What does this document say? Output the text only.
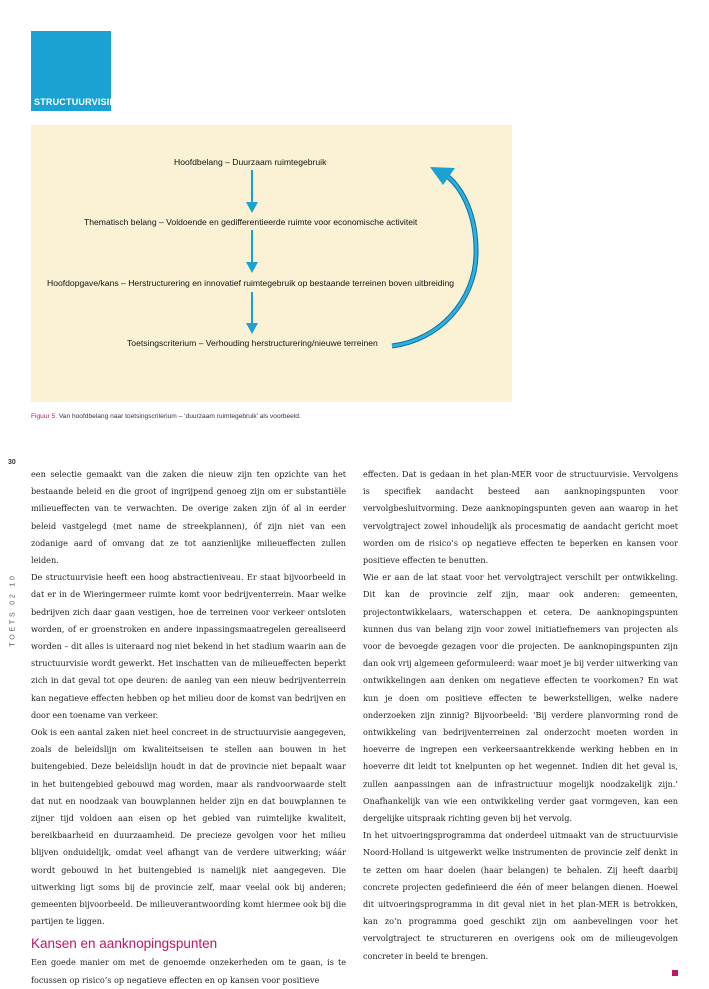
STRUCTUURVISIE
Hoofdbelang – Duurzaam ruimtegebruik
Thematisch belang – Voldoende en gedifferentieerde ruimte voor economische activiteit
Hoofdopgave/kans – Herstructurering en innovatief ruimtegebruik op bestaande terreinen boven uitbreiding
Toetsingscriterium – Verhouding herstructurering/nieuwe terreinen
Figuur 5. Van hoofdbelang naar toetsingscriterium – ‘duurzaam ruimtegebruik’ als voorbeeld.
30
TOETS 02 10

een selectie gemaakt van die zaken die nieuw zijn ten opzichte van het bestaande beleid en die groot of ingrijpend genoeg zijn om er substantiële milieueffecten van te verwachten. De overige zaken zijn óf al in eerder beleid vastgelegd (met name de streekplannen), óf zijn niet van een zodanige aard of omvang dat ze tot aanzienlijke milieueffecten zullen leiden.

De structuurvisie heeft een hoog abstractieniveau. Er staat bijvoorbeeld in dat er in de Wieringermeer ruimte komt voor bedrijventerrein. Maar welke bedrijven zich daar gaan vestigen, hoe de terreinen voor verkeer ontsloten worden, of er groenstroken en andere inpassingsmaatregelen gerealiseerd worden – dit alles is uiteraard nog niet bekend in het stadium waarin aan de structuurvisie wordt gewerkt. Het inschatten van de milieueffecten beperkt zich in dat geval tot ope deuren: de aanleg van een nieuw bedrijventerrein kan negatieve effecten hebben op het milieu door de komst van bedrijven en door een toename van verkeer.

Ook is een aantal zaken niet heel concreet in de structuurvisie aangegeven, zoals de beleidslijn om kwaliteitseisen te stellen aan bouwen in het buitengebied. Deze beleidslijn houdt in dat de provincie niet bepaalt waar in het buitengebied gebouwd mag worden, maar als randvoorwaarde stelt dat nut en noodzaak van bouwplannen helder zijn en dat bouwplannen te zijner tijd voldoen aan eisen op het gebied van ruimtelijke kwaliteit, bereikbaarheid en duurzaamheid. De precieze gevolgen voor het milieu blijven onduidelijk, omdat veel afhangt van de verdere uitwerking; wáár wordt gebouwd in het buitengebied is namelijk niet aangegeven. Die uitwerking ligt soms bij de provincie zelf, maar veelal ook bij anderen; gemeenten bijvoorbeeld. De milieuverantwoording komt hiermee ook bij die partijen te liggen.

Kansen en aanknopingspunten

Een goede manier om met de genoemde onzekerheden om te gaan, is te focussen op risico’s op negatieve effecten en op kansen voor positieve

effecten. Dat is gedaan in het plan-MER voor de structuurvisie. Vervolgens is specifiek aandacht besteed aan aanknopingspunten voor vervolgbesluitvorming. Deze aanknopingspunten geven aan waarop in het vervolgtraject zowel inhoudelijk als procesmatig de aandacht gericht moet worden om de risico’s op negatieve effecten te beperken en kansen voor positieve effecten te benutten.

Wie er aan de lat staat voor het vervolgtraject verschilt per ontwikkeling. Dit kan de provincie zelf zijn, maar ook anderen: gemeenten, projectontwikkelaars, waterschappen et cetera. De aanknopingspunten kunnen dus van belang zijn voor zowel initiatiefnemers van projecten als voor de bevoegde gezagen voor die projecten. De aanknopingspunten zijn dan ook vrij algemeen geformuleerd: waar moet je bij verder uitwerking van ontwikkelingen aan denken om negatieve effecten te voorkomen? En wat kun je doen om positieve effecten te bewerkstelligen, welke nadere onderzoeken zijn zinnig? Bijvoorbeeld: ‘Bij verdere planvorming rond de ontwikkeling van bedrijventerreinen zal onderzocht moeten worden in hoeverre de ingrepen een verkeersaantrekkende werking hebben en in hoeverre dit leidt tot knelpunten op het wegennet. Indien dit het geval is, zullen aanpassingen aan de infrastructuur mogelijk noodzakelijk zijn.’ Onafhankelijk van wie een ontwikkeling verder gaat vormgeven, kan een dergelijke uitspraak richting geven bij het vervolg.

In het uitvoeringsprogramma dat onderdeel uitmaakt van de structuurvisie Noord-Holland is uitgewerkt welke instrumenten de provincie zelf denkt in te zetten om haar doelen (haar belangen) te behalen. Zij heeft daarbij concrete projecten gedefinieerd die één of meer belangen dienen. Hoewel dit uitvoeringsprogramma in dit geval niet in het plan-MER is betrokken, kan zo’n programma goed geschikt zijn om aanbevelingen voor het vervolgtraject te structureren en overigens ook om de milieugevolgen concreter in beeld te brengen.
